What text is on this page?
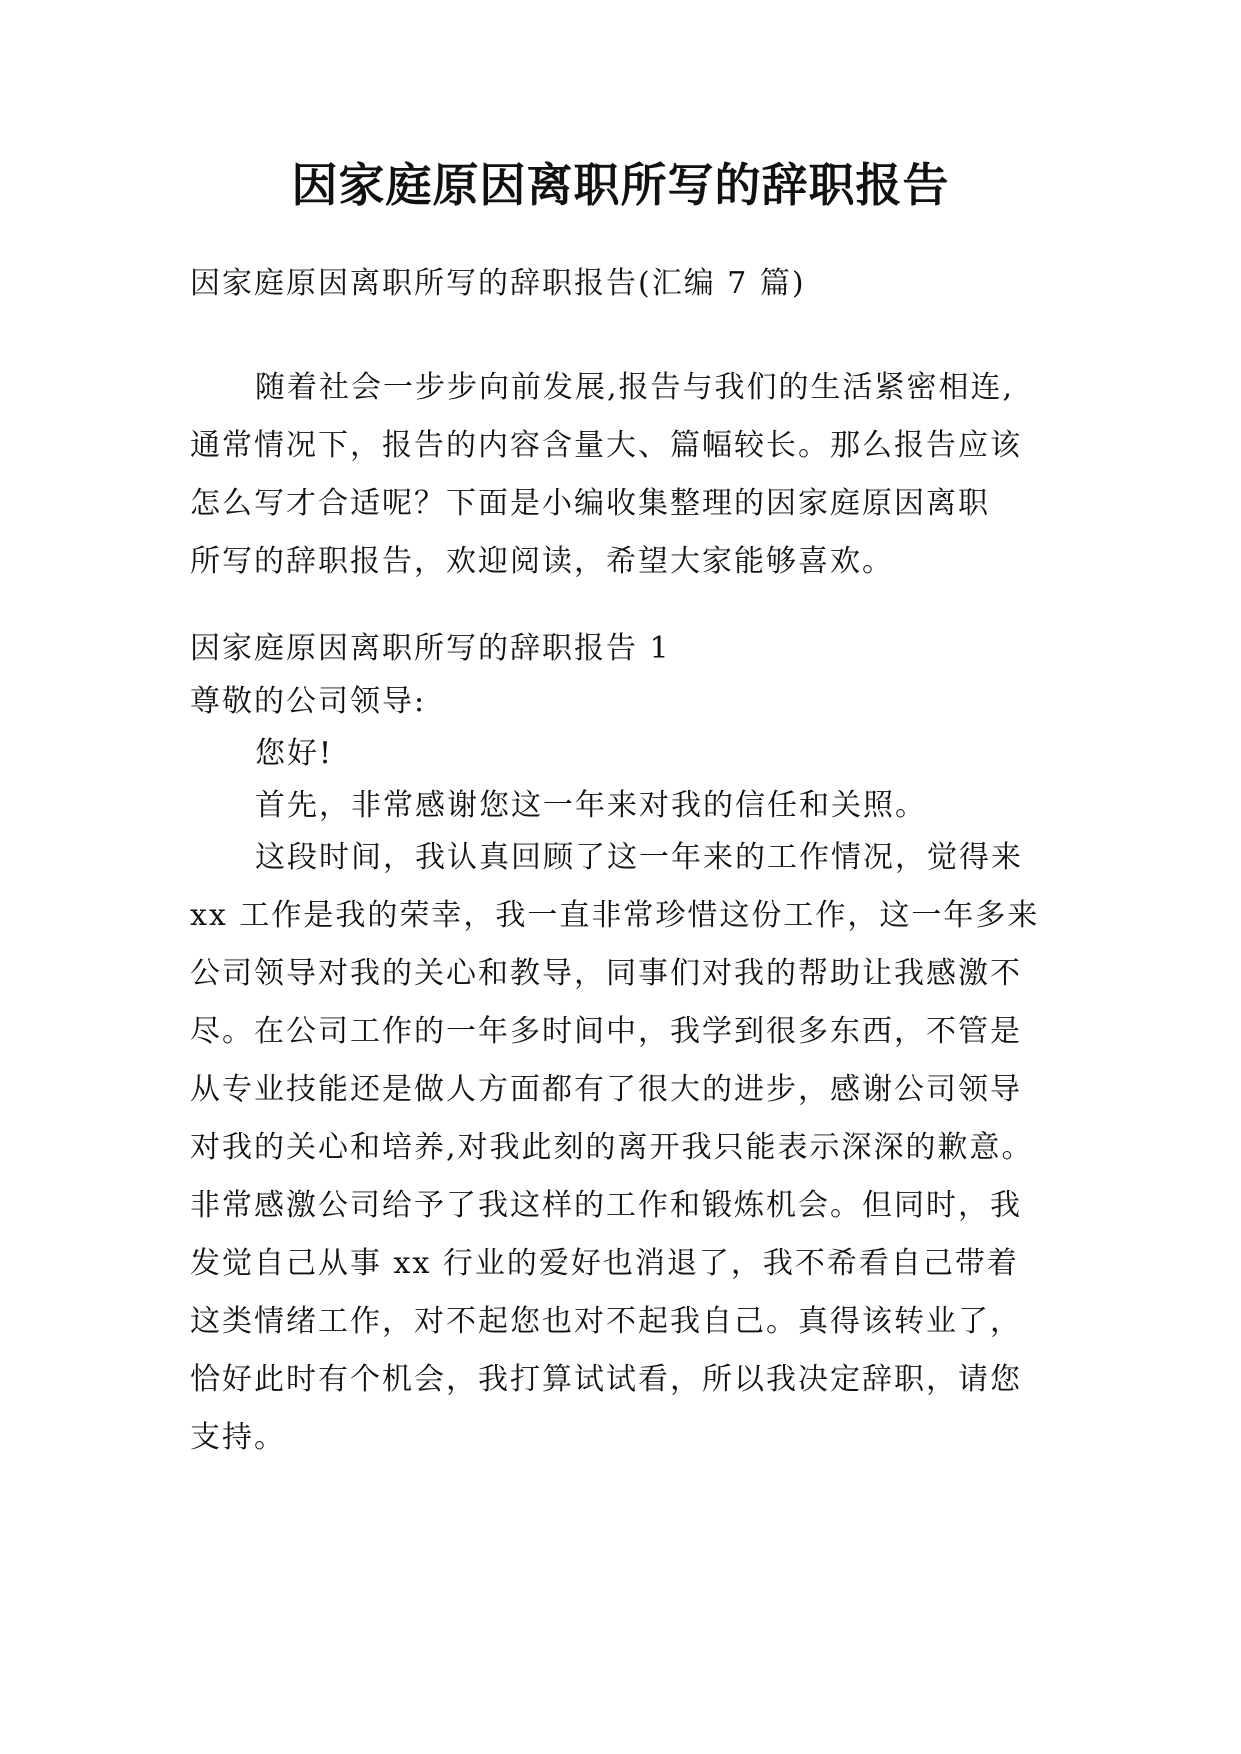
因家庭原因离职所写的辞职报告
因家庭原因离职所写的辞职报告(汇编 7 篇)
随着社会一步步向前发展,报告与我们的生活紧密相连,
通常情况下，报告的内容含量大、篇幅较长。那么报告应该
怎么写才合适呢？下面是小编收集整理的因家庭原因离职
所写的辞职报告，欢迎阅读，希望大家能够喜欢。
因家庭原因离职所写的辞职报告 1
尊敬的公司领导:
您好!
首先，非常感谢您这一年来对我的信任和关照。
这段时间，我认真回顾了这一年来的工作情况，觉得来
xx 工作是我的荣幸，我一直非常珍惜这份工作，这一年多来
公司领导对我的关心和教导，同事们对我的帮助让我感激不
尽。在公司工作的一年多时间中，我学到很多东西，不管是
从专业技能还是做人方面都有了很大的进步，感谢公司领导
对我的关心和培养,对我此刻的离开我只能表示深深的歉意。
非常感激公司给予了我这样的工作和锻炼机会。但同时，我
发觉自己从事 xx 行业的爱好也消退了，我不希看自己带着
这类情绪工作，对不起您也对不起我自己。真得该转业了，
恰好此时有个机会，我打算试试看，所以我决定辞职，请您
支持。
